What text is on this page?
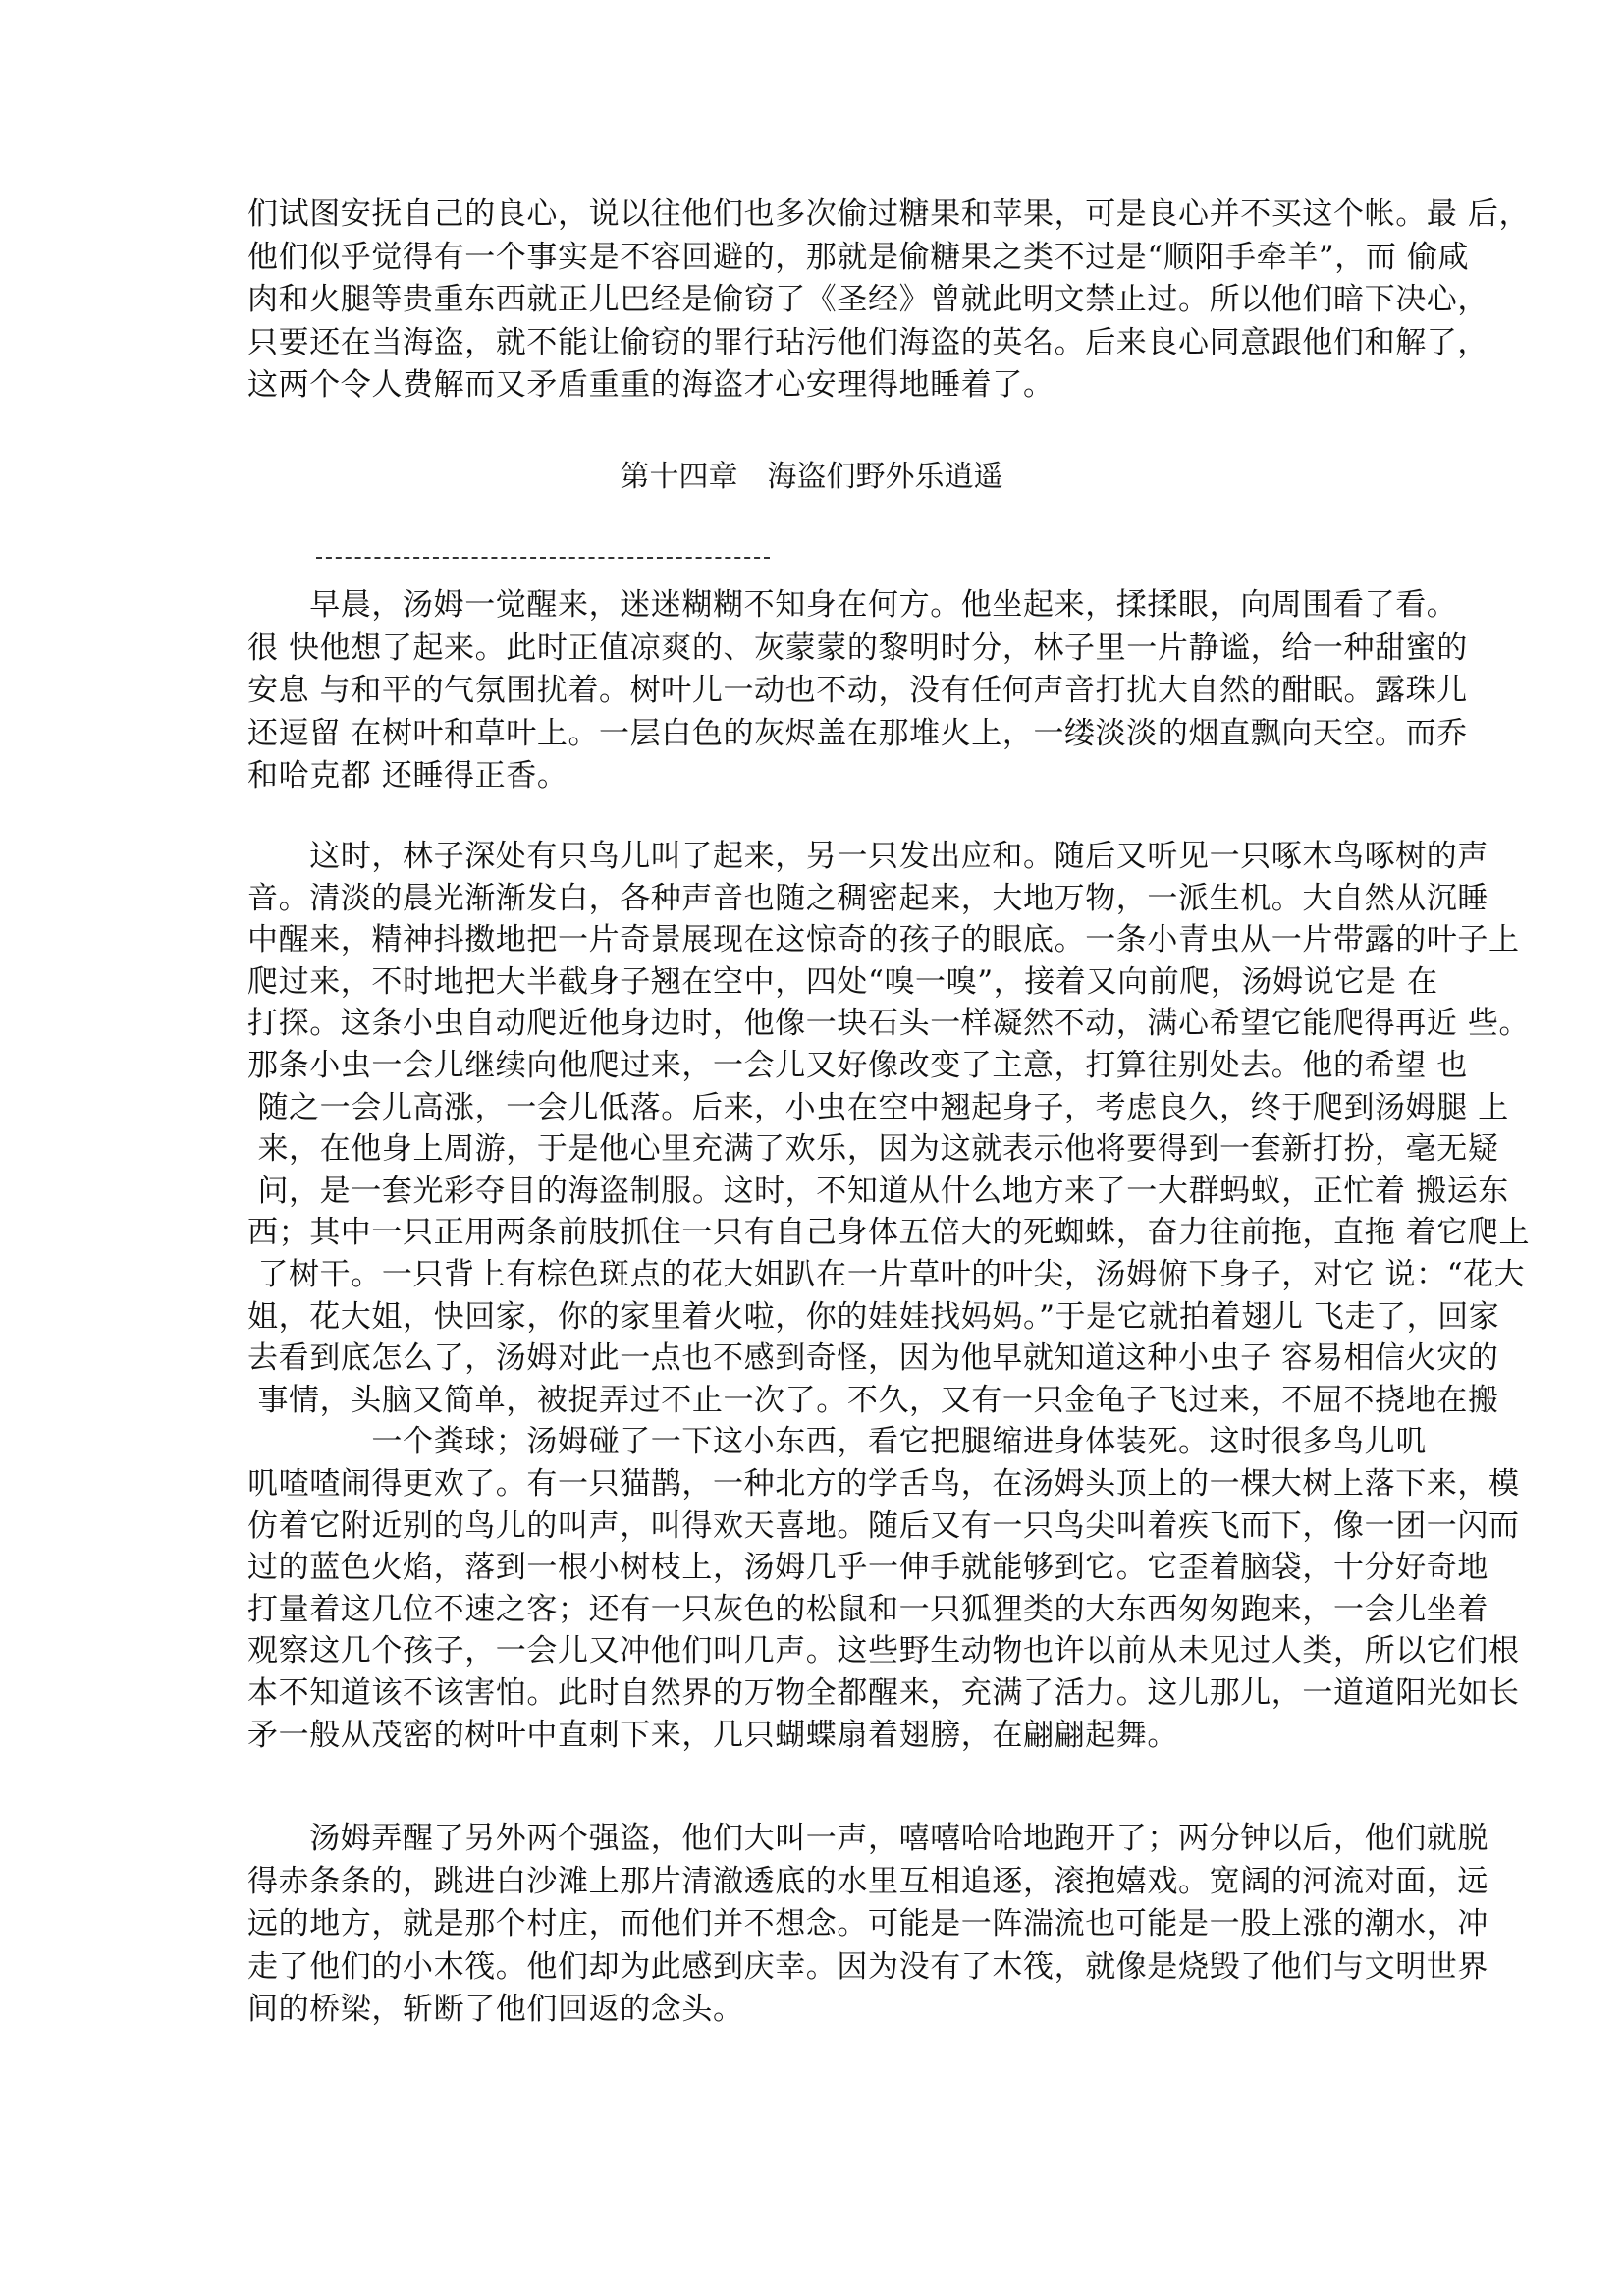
第十四章　海盗们野外乐逍遥
们试图安抚自己的良心，说以往他们也多次偷过糖果和苹果，可是良心并不买这个帐。最 后，
他们似乎觉得有一个事实是不容回避的，那就是偷糖果之类不过是“顺阳手牵羊”，而 偷咸
肉和火腿等贵重东西就正儿巴经是偷窃了《圣经》曾就此明文禁止过。所以他们暗下决心，
只要还在当海盗，就不能让偷窃的罪行玷污他们海盗的英名。后来良心同意跟他们和解了，
这两个令人费解而又矛盾重重的海盗才心安理得地睡着了。
　　早晨，汤姆一觉醒来，迷迷糊糊不知身在何方。他坐起来，揉揉眼，向周围看了看。
很 快他想了起来。此时正值凉爽的、灰蒙蒙的黎明时分，林子里一片静谧，给一种甜蜜的
安息 与和平的气氛围扰着。树叶儿一动也不动，没有任何声音打扰大自然的酣眠。露珠儿
还逗留 在树叶和草叶上。一层白色的灰烬盖在那堆火上，一缕淡淡的烟直飘向天空。而乔
和哈克都 还睡得正香。
　　这时，林子深处有只鸟儿叫了起来，另一只发出应和。随后又听见一只啄木鸟啄树的声
音。清淡的晨光渐渐发白，各种声音也随之稠密起来，大地万物，一派生机。大自然从沉睡
中醒来，精神抖擞地把一片奇景展现在这惊奇的孩子的眼底。一条小青虫从一片带露的叶子上
爬过来，不时地把大半截身子翘在空中，四处“嗅一嗅”，接着又向前爬，汤姆说它是 在
打探。这条小虫自动爬近他身边时，他像一块石头一样凝然不动，满心希望它能爬得再近 些。
那条小虫一会儿继续向他爬过来，一会儿又好像改变了主意，打算往别处去。他的希望 也
随之一会儿高涨，一会儿低落。后来，小虫在空中翘起身子，考虑良久，终于爬到汤姆腿 上
来，在他身上周游，于是他心里充满了欢乐，因为这就表示他将要得到一套新打扮，毫无疑
问，是一套光彩夺目的海盗制服。这时，不知道从什么地方来了一大群蚂蚁，正忙着 搬运东
西；其中一只正用两条前肢抓住一只有自己身体五倍大的死蜘蛛，奋力往前拖，直拖 着它爬上
了树干。一只背上有棕色斑点的花大姐趴在一片草叶的叶尖，汤姆俯下身子，对它 说：“花大
姐，花大姐，快回家，你的家里着火啦，你的娃娃找妈妈。”于是它就拍着翅儿 飞走了，回家
去看到底怎么了，汤姆对此一点也不感到奇怪，因为他早就知道这种小虫子 容易相信火灾的
事情，头脑又简单，被捉弄过不止一次了。不久，又有一只金龟子飞过来，不屈不挠地在搬
　　　　一个粪球；汤姆碰了一下这小东西，看它把腿缩进身体装死。这时很多鸟儿叽
叽喳喳闹得更欢了。有一只猫鹊，一种北方的学舌鸟，在汤姆头顶上的一棵大树上落下来，模
仿着它附近别的鸟儿的叫声，叫得欢天喜地。随后又有一只鸟尖叫着疾飞而下，像一团一闪而
过的蓝色火焰，落到一根小树枝上，汤姆几乎一伸手就能够到它。它歪着脑袋，十分好奇地
打量着这几位不速之客；还有一只灰色的松鼠和一只狐狸类的大东西匆匆跑来，一会儿坐着
观察这几个孩子，一会儿又冲他们叫几声。这些野生动物也许以前从未见过人类，所以它们根
本不知道该不该害怕。此时自然界的万物全都醒来，充满了活力。这儿那儿，一道道阳光如长
矛一般从茂密的树叶中直刺下来，几只蝴蝶扇着翅膀，在翩翩起舞。
　　汤姆弄醒了另外两个强盗，他们大叫一声，嘻嘻哈哈地跑开了；两分钟以后，他们就脱
得赤条条的，跳进白沙滩上那片清澈透底的水里互相追逐，滚抱嬉戏。宽阔的河流对面，远
远的地方，就是那个村庄，而他们并不想念。可能是一阵湍流也可能是一股上涨的潮水，冲
走了他们的小木筏。他们却为此感到庆幸。因为没有了木筏，就像是烧毁了他们与文明世界
间的桥梁，斩断了他们回返的念头。
